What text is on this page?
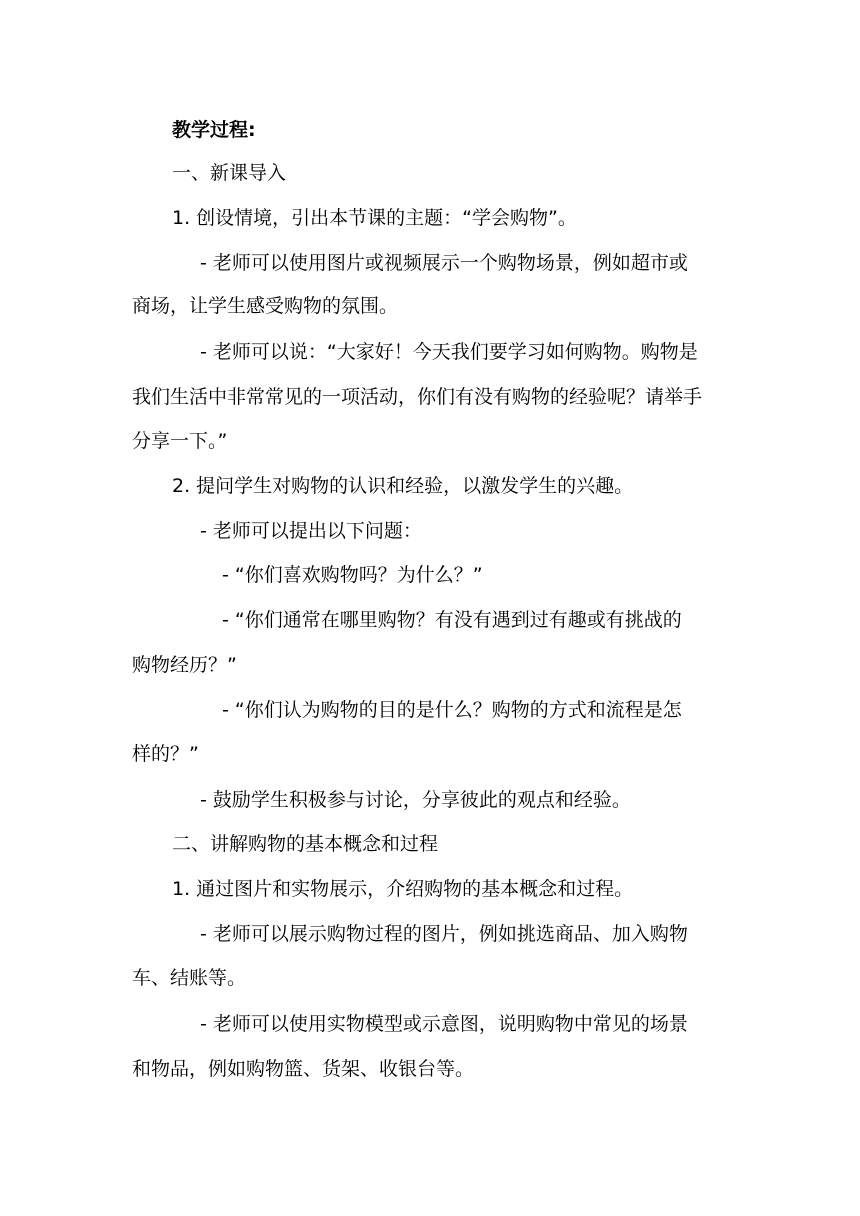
教学过程:
一、新课导入
1. 创设情境，引出本节课的主题：“学会购物”。
- 老师可以使用图片或视频展示一个购物场景，例如超市或
商场，让学生感受购物的氛围。
- 老师可以说：“大家好！今天我们要学习如何购物。购物是
我们生活中非常常见的一项活动，你们有没有购物的经验呢？请举手
分享一下。”
2. 提问学生对购物的认识和经验，以激发学生的兴趣。
- 老师可以提出以下问题：
- “你们喜欢购物吗？为什么？”
- “你们通常在哪里购物？有没有遇到过有趣或有挑战的
购物经历？”
- “你们认为购物的目的是什么？购物的方式和流程是怎
样的？”
- 鼓励学生积极参与讨论，分享彼此的观点和经验。
二、讲解购物的基本概念和过程
1. 通过图片和实物展示，介绍购物的基本概念和过程。
- 老师可以展示购物过程的图片，例如挑选商品、加入购物
车、结账等。
- 老师可以使用实物模型或示意图，说明购物中常见的场景
和物品，例如购物篮、货架、收银台等。
